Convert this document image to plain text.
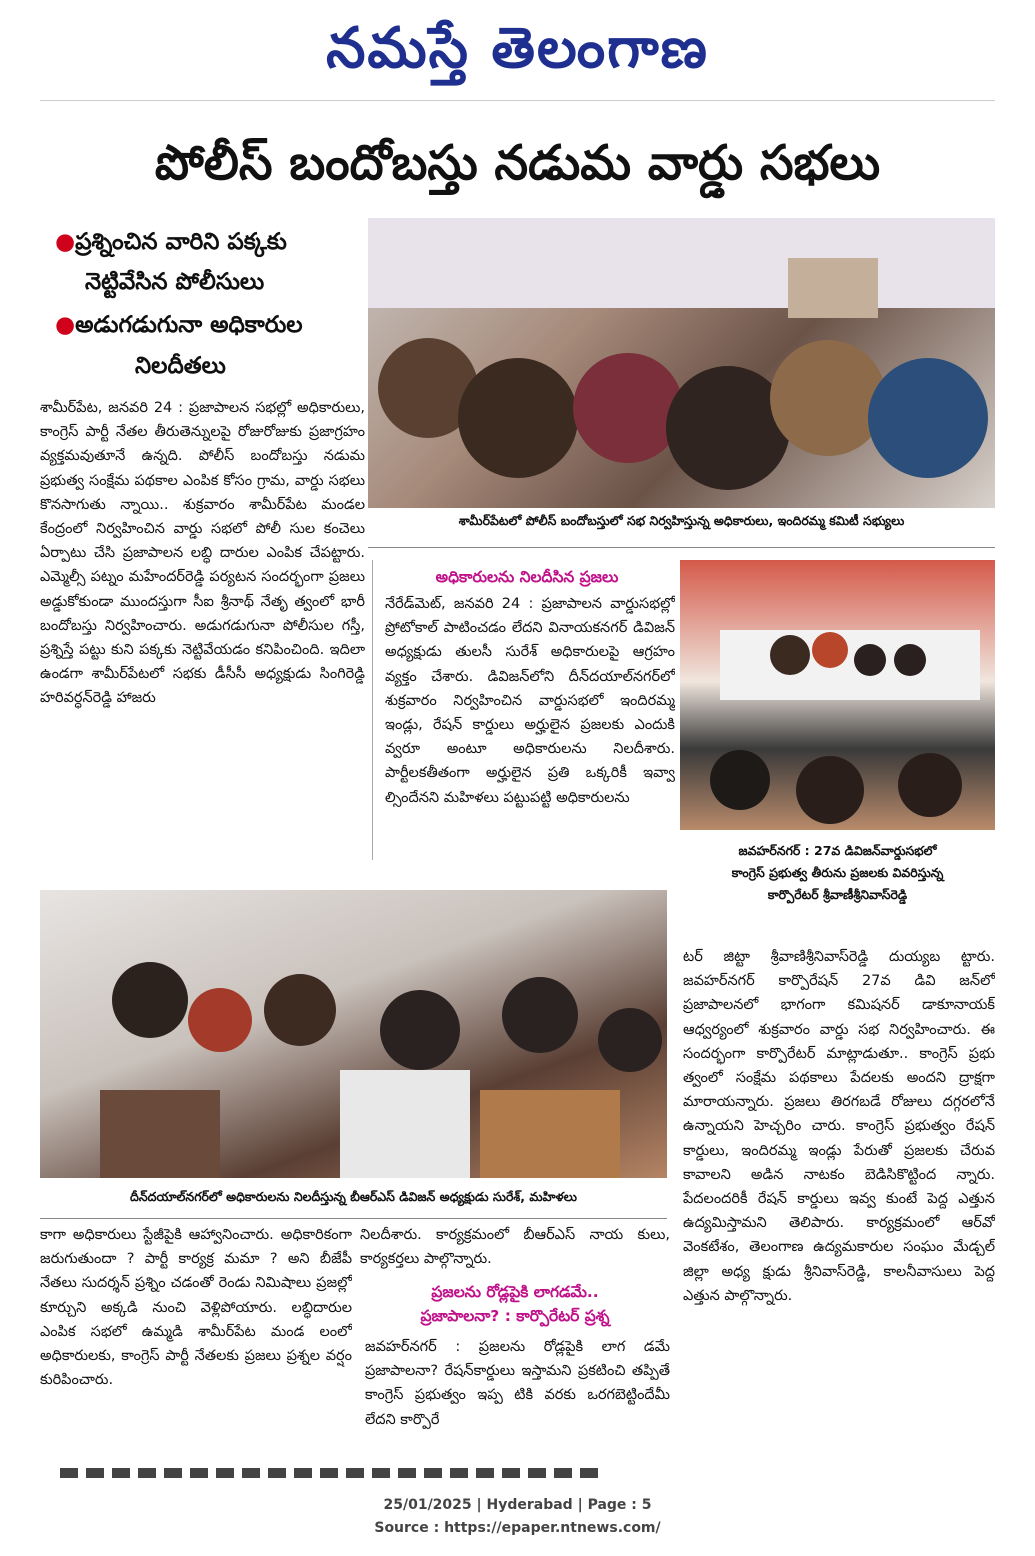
నమస్తే తెలంగాణ
పోలీస్ బందోబస్తు నడుమ వార్డు సభలు
●ప్రశ్నించిన వారిని పక్కకు
నెట్టివేసిన పోలీసులు
●అడుగడుగునా అధికారుల
నిలదీతలు
శామీర్‌పేట, జనవరి 24 : ప్రజాపాలన సభల్లో అధికారులు, కాంగ్రెస్ పార్టీ నేతల తీరుతెన్నులపై రోజురోజుకు ప్రజాగ్రహం వ్యక్తమవుతూనే ఉన్నది. పోలీస్ బందోబస్తు నడుమ ప్రభుత్వ సంక్షేమ పథకాల ఎంపిక కోసం గ్రామ, వార్డు సభలు కొనసాగుతు న్నాయి.. శుక్రవారం శామీర్‌పేట మండల కేంద్రంలో నిర్వహించిన వార్డు సభలో పోలీ సుల కంచెలు ఏర్పాటు చేసి ప్రజాపాలన లబ్ధి దారుల ఎంపిక చేపట్టారు. ఎమ్మెల్సీ పట్నం మహేందర్‌రెడ్డి పర్యటన సందర్భంగా ప్రజలు అడ్డుకోకుండా ముందస్తుగా సీఐ శ్రీనాథ్ నేతృ త్వంలో భారీ బందోబస్తు నిర్వహించారు. అడుగడుగునా పోలీసుల గస్తీ, ప్రశ్నిస్తే పట్టు కుని పక్కకు నెట్టివేయడం కనిపించింది. ఇదిలా ఉండగా శామీర్‌పేటలో సభకు డీసీసీ అధ్యక్షుడు సింగిరెడ్డి హరివర్ధన్‌రెడ్డి హాజరు
శామీర్‌పేటలో పోలీస్ బందోబస్తులో సభ నిర్వహిస్తున్న అధికారులు, ఇందిరమ్మ కమిటీ సభ్యులు
అధికారులను నిలదీసిన ప్రజలు
నేరేడ్‌మెట్, జనవరి 24 : ప్రజాపాలన వార్డుసభల్లో ప్రోటోకాల్ పాటించడం లేదని వినాయకనగర్ డివిజన్ అధ్యక్షుడు తులసీ సురేశ్ అధికారులపై ఆగ్రహం వ్యక్తం చేశారు. డివిజన్‌లోని దీన్‌దయాల్‌నగర్‌లో శుక్రవారం నిర్వహించిన వార్డుసభలో ఇందిరమ్మ ఇండ్లు, రేషన్ కార్డులు అర్హులైన ప్రజలకు ఎందుకి వ్వరూ అంటూ అధికారులను నిలదీశారు. పార్టీలకతీతంగా అర్హులైన ప్రతి ఒక్కరికీ ఇవ్వా ల్సిందేనని మహిళలు పట్టుపట్టి అధికారులను
జవహర్‌నగర్ : 27వ డివిజన్‌వార్డుసభలో
కాంగ్రెస్ ప్రభుత్వ తీరును ప్రజలకు వివరిస్తున్న
కార్పొరేటర్ శ్రీవాణీశ్రీనివాస్‌రెడ్డి
దీన్‌దయాల్‌నగర్‌లో అధికారులను నిలదీస్తున్న బీఆర్‌ఎస్ డివిజన్ అధ్యక్షుడు సురేశ్, మహిళలు
టర్ జిట్టా శ్రీవాణిశ్రీనివాస్‌రెడ్డి దుయ్యబ ట్టారు. జవహర్‌నగర్ కార్పొరేషన్ 27వ డివి జన్‌లో ప్రజాపాలనలో భాగంగా కమిషనర్ డాకూనాయక్ ఆధ్వర్యంలో శుక్రవారం వార్డు సభ నిర్వహించారు. ఈ సందర్భంగా కార్పొరేటర్ మాట్లాడుతూ.. కాంగ్రెస్ ప్రభు త్వంలో సంక్షేమ పథకాలు పేదలకు అందని ద్రాక్షగా మారాయన్నారు. ప్రజలు తిరగబడే రోజులు దగ్గరలోనే ఉన్నాయని హెచ్చరిం చారు. కాంగ్రెస్ ప్రభుత్వం రేషన్ కార్డులు, ఇందిరమ్మ ఇండ్లు పేరుతో ప్రజలకు చేరువ కావాలని అడిన నాటకం బెడిసికొట్టింద న్నారు. పేదలందరికీ రేషన్ కార్డులు ఇవ్వ కుంటే పెద్ద ఎత్తున ఉద్యమిస్తామని తెలిపారు. కార్యక్రమంలో ఆర్‌వో వెంకటేశం, తెలంగాణ ఉద్యమకారుల సంఘం మేడ్చల్ జిల్లా అధ్య క్షుడు శ్రీనివాస్‌రెడ్డి, కాలనీవాసులు పెద్ద ఎత్తున పాల్గొన్నారు.
కాగా అధికారులు స్టేజీపైకి ఆహ్వానించారు. అధికారికంగా జరుగుతుందా ? పార్టీ కార్యక్ర మమా ? అని బీజేపీ నేతలు సుదర్శన్ ప్రశ్నిం చడంతో రెండు నిమిషాలు ప్రజల్లో కూర్చుని అక్కడి నుంచి వెళ్లిపోయారు. లబ్ధిదారుల ఎంపిక సభలో ఉమ్మడి శామీర్‌పేట మండ లంలో అధికారులకు, కాంగ్రెస్ పార్టీ నేతలకు ప్రజలు ప్రశ్నల వర్షం కురిపించారు.
నిలదీశారు. కార్యక్రమంలో బీఆర్‌ఎస్ నాయ కులు, కార్యకర్తలు పాల్గొన్నారు.
ప్రజలను రోడ్లపైకి లాగడమే..
ప్రజాపాలనా? : కార్పొరేటర్ ప్రశ్న
జవహర్‌నగర్ : ప్రజలను రోడ్లపైకి లాగ డమే ప్రజాపాలనా? రేషన్‌కార్డులు ఇస్తామని ప్రకటించి తప్పితే కాంగ్రెస్ ప్రభుత్వం ఇప్ప టికి వరకు ఒరగబెట్టిందేమీ లేదని కార్పొరే
25/01/2025 | Hyderabad | Page : 5
Source : https://epaper.ntnews.com/
